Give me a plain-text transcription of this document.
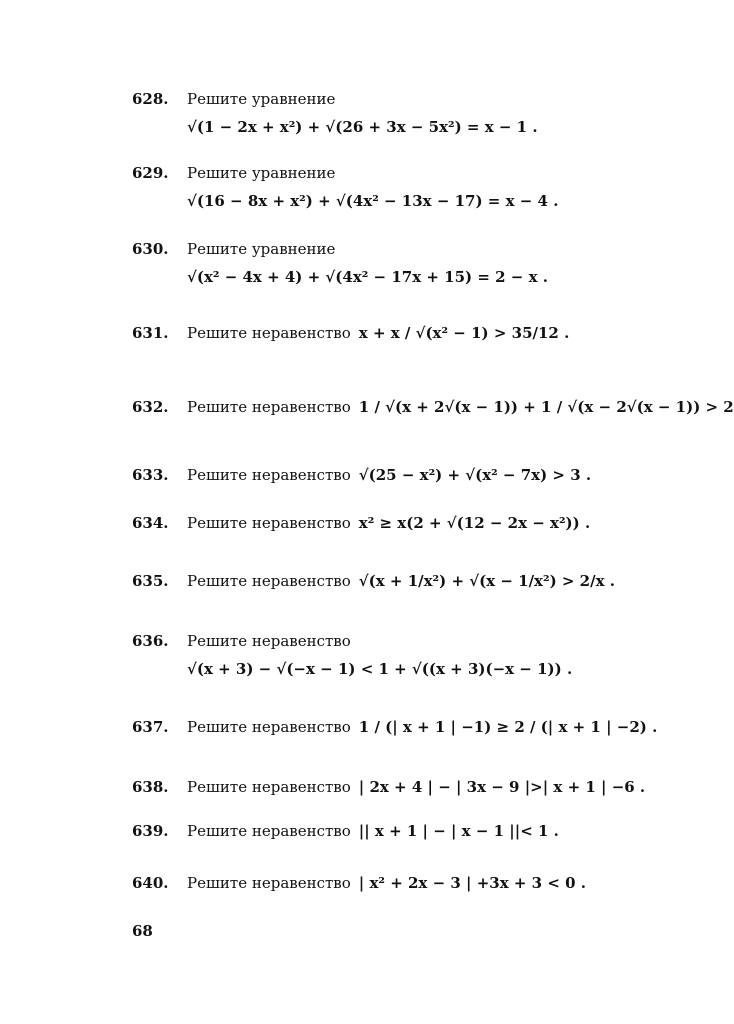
628. Решите уравнение
√(1 − 2x + x²) + √(26 + 3x − 5x²) = x − 1 .
629. Решите уравнение
√(16 − 8x + x²) + √(4x² − 13x − 17) = x − 4 .
630. Решите уравнение
√(x² − 4x + 4) + √(4x² − 17x + 15) = 2 − x .
631. Решите неравенство x + x / √(x² − 1) > 35/12 .
632. Решите неравенство 1 / √(x + 2√(x − 1)) + 1 / √(x − 2√(x − 1)) > 2
633. Решите неравенство √(25 − x²) + √(x² − 7x) > 3 .
634. Решите неравенство x² ≥ x(2 + √(12 − 2x − x²)) .
635. Решите неравенство √(x + 1/x²) + √(x − 1/x²) > 2/x .
636. Решите неравенство
√(x + 3) − √(−x − 1) < 1 + √((x + 3)(−x − 1)) .
637. Решите неравенство 1 / (| x + 1 | −1) ≥ 2 / (| x + 1 | −2) .
638. Решите неравенство | 2x + 4 | − | 3x − 9 |>| x + 1 | −6 .
639. Решите неравенство || x + 1 | − | x − 1 ||< 1 .
640. Решите неравенство | x² + 2x − 3 | +3x + 3 < 0 .
68
